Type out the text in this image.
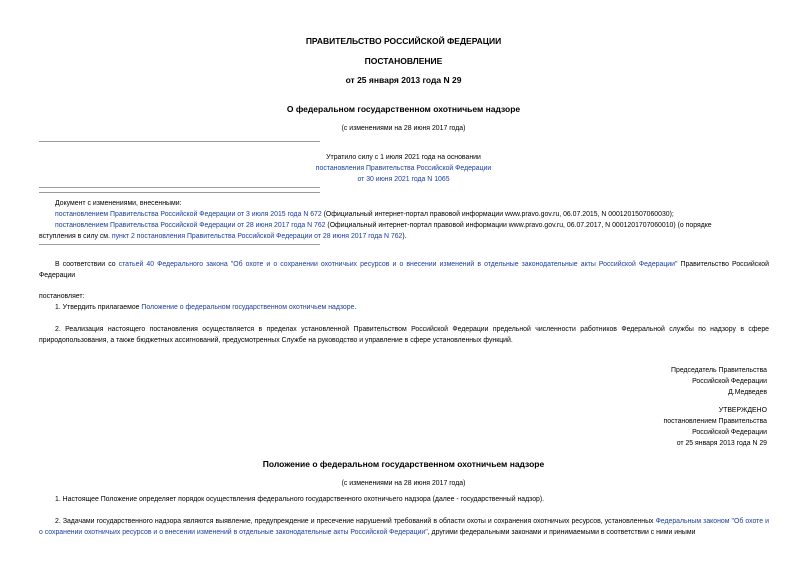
ПРАВИТЕЛЬСТВО РОССИЙСКОЙ ФЕДЕРАЦИИ
ПОСТАНОВЛЕНИЕ
от 25 января 2013 года N 29
О федеральном государственном охотничьем надзоре
(с изменениями на 28 июня 2017 года)
Утратило силу с 1 июля 2021 года на основании
постановления Правительства Российской Федерации
от 30 июня 2021 года N 1065
Документ с изменениями, внесенными:
постановлением Правительства Российской Федерации от 3 июля 2015 года N 672 (Официальный интернет-портал правовой информации www.pravo.gov.ru, 06.07.2015, N 0001201507060030);
постановлением Правительства Российской Федерации от 28 июня 2017 года N 762 (Официальный интернет-портал правовой информации www.pravo.gov.ru, 06.07.2017, N 0001201707060010) (о порядке
вступления в силу см. пункт 2 постановления Правительства Российской Федерации от 28 июня 2017 года N 762).
В соответствии со статьей 40 Федерального закона "Об охоте и о сохранении охотничьих ресурсов и о внесении изменений в отдельные законодательные акты Российской Федерации" Правительство Российской Федерации
постановляет:
1. Утвердить прилагаемое Положение о федеральном государственном охотничьем надзоре.
2. Реализация настоящего постановления осуществляется в пределах установленной Правительством Российской Федерации предельной численности работников Федеральной службы по надзору в сфере природопользования, а также бюджетных ассигнований, предусмотренных Службе на руководство и управление в сфере установленных функций.
Председатель Правительства
Российской Федерации
Д.Медведев
УТВЕРЖДЕНО
постановлением Правительства
Российской Федерации
от 25 января 2013 года N 29
Положение о федеральном государственном охотничьем надзоре
(с изменениями на 28 июня 2017 года)
1. Настоящее Положение определяет порядок осуществления федерального государственного охотничьего надзора (далее - государственный надзор).
2. Задачами государственного надзора являются выявление, предупреждение и пресечение нарушений требований в области охоты и сохранения охотничьих ресурсов, установленных Федеральным законом "Об охоте и о сохранении охотничьих ресурсов и о внесении изменений в отдельные законодательные акты Российской Федерации", другими федеральными законами и принимаемыми в соответствии с ними иными
